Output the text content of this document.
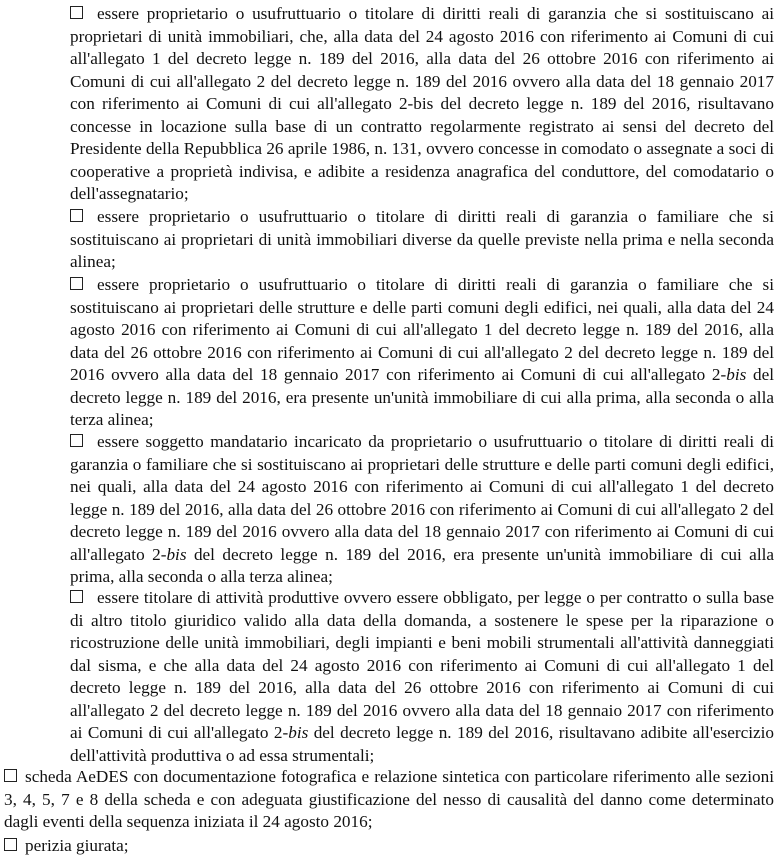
essere proprietario o usufruttuario o titolare di diritti reali di garanzia che si sostituiscano ai proprietari di unità immobiliari, che, alla data del 24 agosto 2016 con riferimento ai Comuni di cui all'allegato 1 del decreto legge n. 189 del 2016, alla data del 26 ottobre 2016 con riferimento ai Comuni di cui all'allegato 2 del decreto legge n. 189 del 2016 ovvero alla data del 18 gennaio 2017 con riferimento ai Comuni di cui all'allegato 2-bis del decreto legge n. 189 del 2016, risultavano concesse in locazione sulla base di un contratto regolarmente registrato ai sensi del decreto del Presidente della Repubblica 26 aprile 1986, n. 131, ovvero concesse in comodato o assegnate a soci di cooperative a proprietà indivisa, e adibite a residenza anagrafica del conduttore, del comodatario o dell'assegnatario;
essere proprietario o usufruttuario o titolare di diritti reali di garanzia o familiare che si sostituiscano ai proprietari di unità immobiliari diverse da quelle previste nella prima e nella seconda alinea;
essere proprietario o usufruttuario o titolare di diritti reali di garanzia o familiare che si sostituiscano ai proprietari delle strutture e delle parti comuni degli edifici, nei quali, alla data del 24 agosto 2016 con riferimento ai Comuni di cui all'allegato 1 del decreto legge n. 189 del 2016, alla data del 26 ottobre 2016 con riferimento ai Comuni di cui all'allegato 2 del decreto legge n. 189 del 2016 ovvero alla data del 18 gennaio 2017 con riferimento ai Comuni di cui all'allegato 2-bis del decreto legge n. 189 del 2016, era presente un'unità immobiliare di cui alla prima, alla seconda o alla terza alinea;
essere soggetto mandatario incaricato da proprietario o usufruttuario o titolare di diritti reali di garanzia o familiare che si sostituiscano ai proprietari delle strutture e delle parti comuni degli edifici, nei quali, alla data del 24 agosto 2016 con riferimento ai Comuni di cui all'allegato 1 del decreto legge n. 189 del 2016, alla data del 26 ottobre 2016 con riferimento ai Comuni di cui all'allegato 2 del decreto legge n. 189 del 2016 ovvero alla data del 18 gennaio 2017 con riferimento ai Comuni di cui all'allegato 2-bis del decreto legge n. 189 del 2016, era presente un'unità immobiliare di cui alla prima, alla seconda o alla terza alinea;
essere titolare di attività produttive ovvero essere obbligato, per legge o per contratto o sulla base di altro titolo giuridico valido alla data della domanda, a sostenere le spese per la riparazione o ricostruzione delle unità immobiliari, degli impianti e beni mobili strumentali all'attività danneggiati dal sisma, e che alla data del 24 agosto 2016 con riferimento ai Comuni di cui all'allegato 1 del decreto legge n. 189 del 2016, alla data del 26 ottobre 2016 con riferimento ai Comuni di cui all'allegato 2 del decreto legge n. 189 del 2016 ovvero alla data del 18 gennaio 2017 con riferimento ai Comuni di cui all'allegato 2-bis del decreto legge n. 189 del 2016, risultavano adibite all'esercizio dell'attività produttiva o ad essa strumentali;
scheda AeDES con documentazione fotografica e relazione sintetica con particolare riferimento alle sezioni 3, 4, 5, 7 e 8 della scheda e con adeguata giustificazione del nesso di causalità del danno come determinato dagli eventi della sequenza iniziata il 24 agosto 2016;
perizia giurata;
